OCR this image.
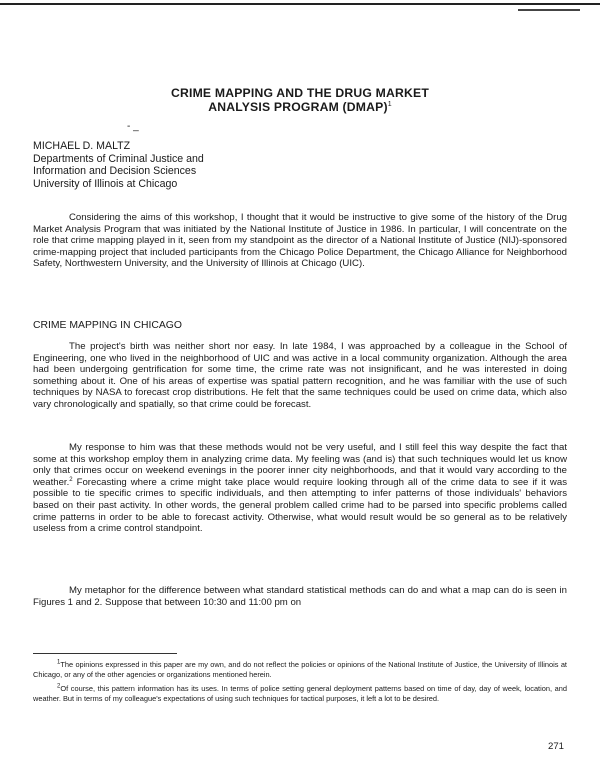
CRIME MAPPING AND THE DRUG MARKET
ANALYSIS PROGRAM (DMAP)$^1$
- _
MICHAEL D. MALTZ
Departments of Criminal Justice and
Information and Decision Sciences
University of Illinois at Chicago

Considering the aims of this workshop, I thought that it would be instructive to give some of the history of the Drug Market Analysis Program that was initiated by the National Institute of Justice in 1986. In particular, I will concentrate on the role that crime mapping played in it, seen from my standpoint as the director of a National Institute of Justice (NIJ)-sponsored crime-mapping project that included participants from the Chicago Police Department, the Chicago Alliance for Neighborhood Safety, Northwestern University, and the University of Illinois at Chicago (UIC).

CRIME MAPPING IN CHICAGO

The project's birth was neither short nor easy. In late 1984, I was approached by a colleague in the School of Engineering, one who lived in the neighborhood of UIC and was active in a local community organization. Although the area had been undergoing gentrification for some time, the crime rate was not insignificant, and he was interested in doing something about it. One of his areas of expertise was spatial pattern recognition, and he was familiar with the use of such techniques by NASA to forecast crop distributions. He felt that the same techniques could be used on crime data, which also vary chronologically and spatially, so that crime could be forecast.

My response to him was that these methods would not be very useful, and I still feel this way despite the fact that some at this workshop employ them in analyzing crime data. My feeling was (and is) that such techniques would let us know only that crimes occur on weekend evenings in the poorer inner city neighborhoods, and that it would vary according to the weather.$^2$ Forecasting where a crime might take place would require looking through all of the crime data to see if it was possible to tie specific crimes to specific individuals, and then attempting to infer patterns of those individuals' behaviors based on their past activity. In other words, the general problem called crime had to be parsed into specific problems called crime patterns in order to be able to forecast activity. Otherwise, what would result would be so general as to be relatively useless from a crime control standpoint.

My metaphor for the difference between what standard statistical methods can do and what a map can do is seen in Figures 1 and 2. Suppose that between 10:30 and 11:00 pm on

$^1$The opinions expressed in this paper are my own, and do not reflect the policies or opinions of the National Institute of Justice, the University of Illinois at Chicago, or any of the other agencies or organizations mentioned herein.

$^2$Of course, this pattern information has its uses. In terms of police setting general deployment patterns based on time of day, day of week, location, and weather. But in terms of my colleague's expectations of using such techniques for tactical purposes, it left a lot to be desired.

271
